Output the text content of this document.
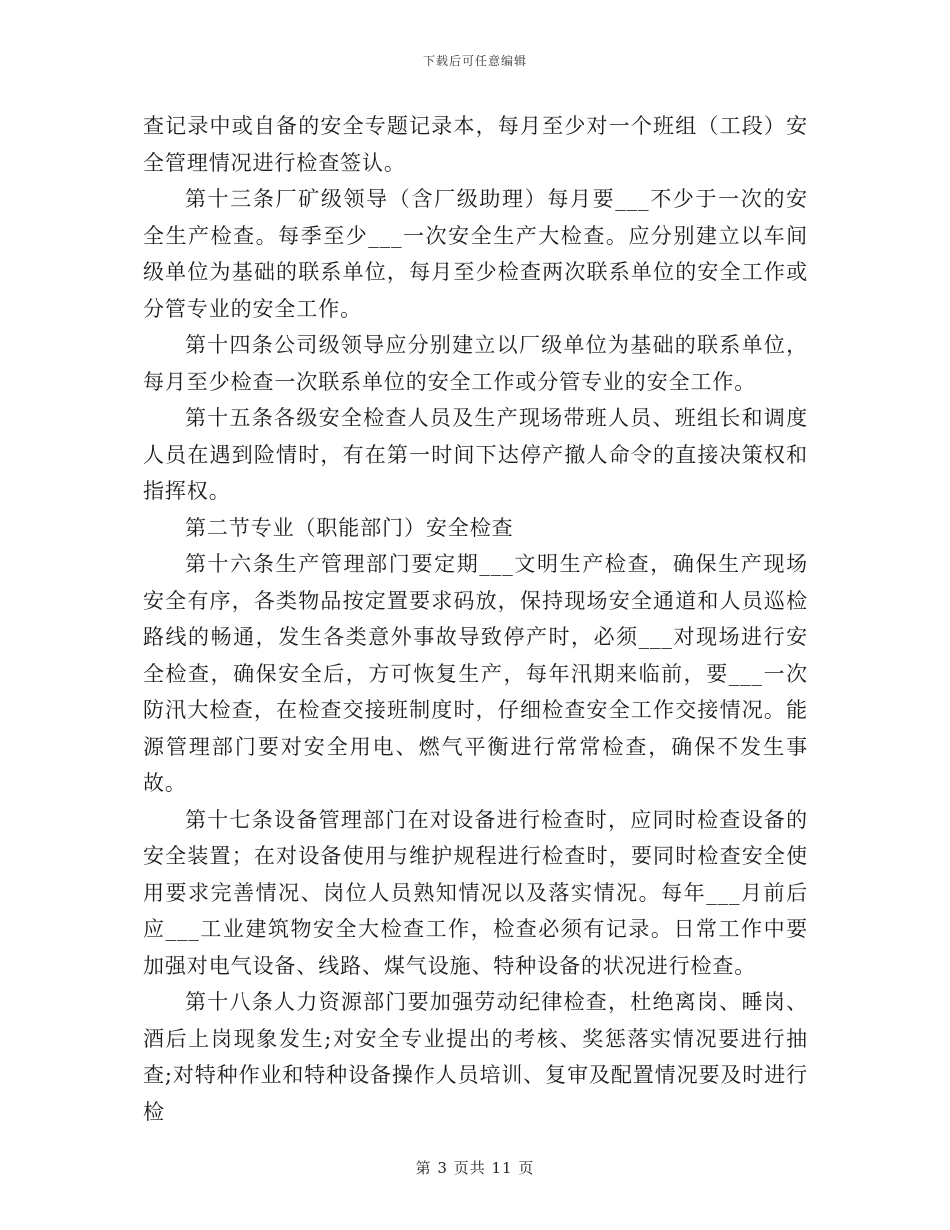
下载后可任意编辑

查记录中或自备的安全专题记录本，每月至少对一个班组（工段）安全管理情况进行检查签认。

第十三条厂矿级领导（含厂级助理）每月要___不少于一次的安全生产检查。每季至少___一次安全生产大检查。应分别建立以车间级单位为基础的联系单位，每月至少检查两次联系单位的安全工作或分管专业的安全工作。

第十四条公司级领导应分别建立以厂级单位为基础的联系单位，每月至少检查一次联系单位的安全工作或分管专业的安全工作。

第十五条各级安全检查人员及生产现场带班人员、班组长和调度人员在遇到险情时，有在第一时间下达停产撤人命令的直接决策权和指挥权。

第二节专业（职能部门）安全检查

第十六条生产管理部门要定期___文明生产检查，确保生产现场安全有序，各类物品按定置要求码放，保持现场安全通道和人员巡检路线的畅通，发生各类意外事故导致停产时，必须___对现场进行安全检查，确保安全后，方可恢复生产，每年汛期来临前，要___一次防汛大检查，在检查交接班制度时，仔细检查安全工作交接情况。能源管理部门要对安全用电、燃气平衡进行常常检查，确保不发生事故。

第十七条设备管理部门在对设备进行检查时，应同时检查设备的安全装置；在对设备使用与维护规程进行检查时，要同时检查安全使用要求完善情况、岗位人员熟知情况以及落实情况。每年___月前后应___工业建筑物安全大检查工作，检查必须有记录。日常工作中要加强对电气设备、线路、煤气设施、特种设备的状况进行检查。

第十八条人力资源部门要加强劳动纪律检查，杜绝离岗、睡岗、酒后上岗现象发生;对安全专业提出的考核、奖惩落实情况要进行抽查;对特种作业和特种设备操作人员培训、复审及配置情况要及时进行检

第 3 页共 11 页
